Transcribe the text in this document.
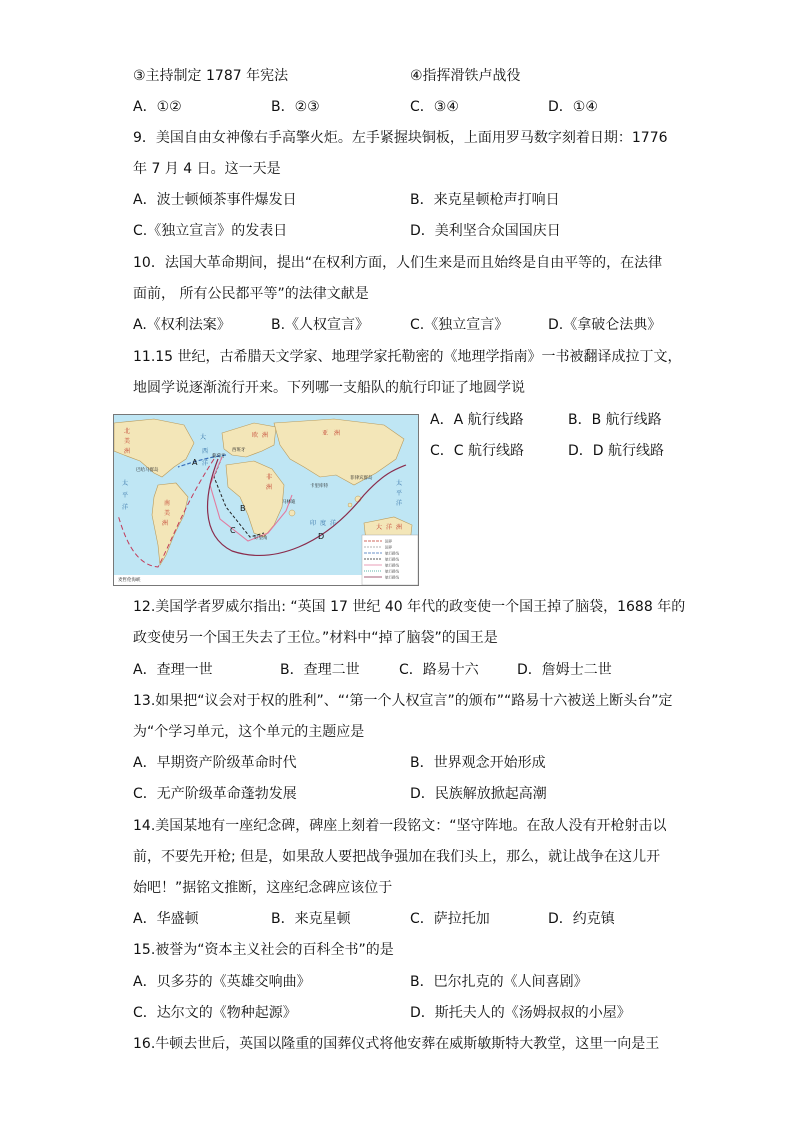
③主持制定 1787 年宪法	④指挥滑铁卢战役
A．①②	B．②③	C．③④	D．①④
9．美国自由女神像右手高擎火炬。左手紧握块铜板，上面用罗马数字刻着日期：1776
年 7 月 4 日。这一天是
A．波士顿倾茶事件爆发日	B．来克星顿枪声打响日
C.《独立宣言》的发表日	D．美利坚合众国国庆日
10．法国大革命期间，提出“在权利方面，人们生来是而且始终是自由平等的，在法律
面前， 所有公民都平等”的法律文献是
A.《权利法案》	B.《人权宣言》	C.《独立宣言》	D.《拿破仑法典》
11.15 世纪，古希腊天文学家、地理学家托勒密的《地理学指南》一书被翻译成拉丁文，
地圆学说逐渐流行开来。下列哪一支船队的航行印证了地圆学说
北
美
洲
南
美
洲
欧 洲
非
洲
亚 洲
大 洋 洲
大
西
洋
太
平
洋
印 度 洋
太
平
洋
巴哈马群岛
西班牙
葡萄牙
马林迪
好望角
卡里库特
菲律宾群岛
麦哲伦海峡
A
B
C
D
国界
国界
航行路线
航行路线
航行路线
航行路线
航行路线
A．A 航行线路	B．B 航行线路
C．C 航行线路	D．D 航行线路
12.美国学者罗威尔指出: “英国 17 世纪 40 年代的政变使一个国王掉了脑袋，1688 年的
政变使另一个国王失去了王位。”材料中“掉了脑袋”的国王是
A．查理一世	B．查理二世	C．路易十六	D．詹姆士二世
13.如果把“议会对于权的胜利”、“‘第一个人权宣言”的颁布”“路易十六被送上断头台”定
为“个学习单元，这个单元的主题应是
A．早期资产阶级革命时代	B．世界观念开始形成
C．无产阶级革命蓬勃发展	D．民族解放掀起高潮
14.美国某地有一座纪念碑，碑座上刻着一段铭文：“坚守阵地。在敌人没有开枪射击以
前，不要先开枪; 但是，如果敌人要把战争强加在我们头上，那么，就让战争在这儿开
始吧！”据铭文推断，这座纪念碑应该位于
A．华盛顿	B．来克星顿	C．萨拉托加	D．约克镇
15.被誉为“资本主义社会的百科全书”的是
A．贝多芬的《英雄交响曲》	B．巴尔扎克的《人间喜剧》
C．达尔文的《物种起源》	D．斯托夫人的《汤姆叔叔的小屋》
16.牛顿去世后，英国以隆重的国葬仪式将他安葬在威斯敏斯特大教堂，这里一向是王
